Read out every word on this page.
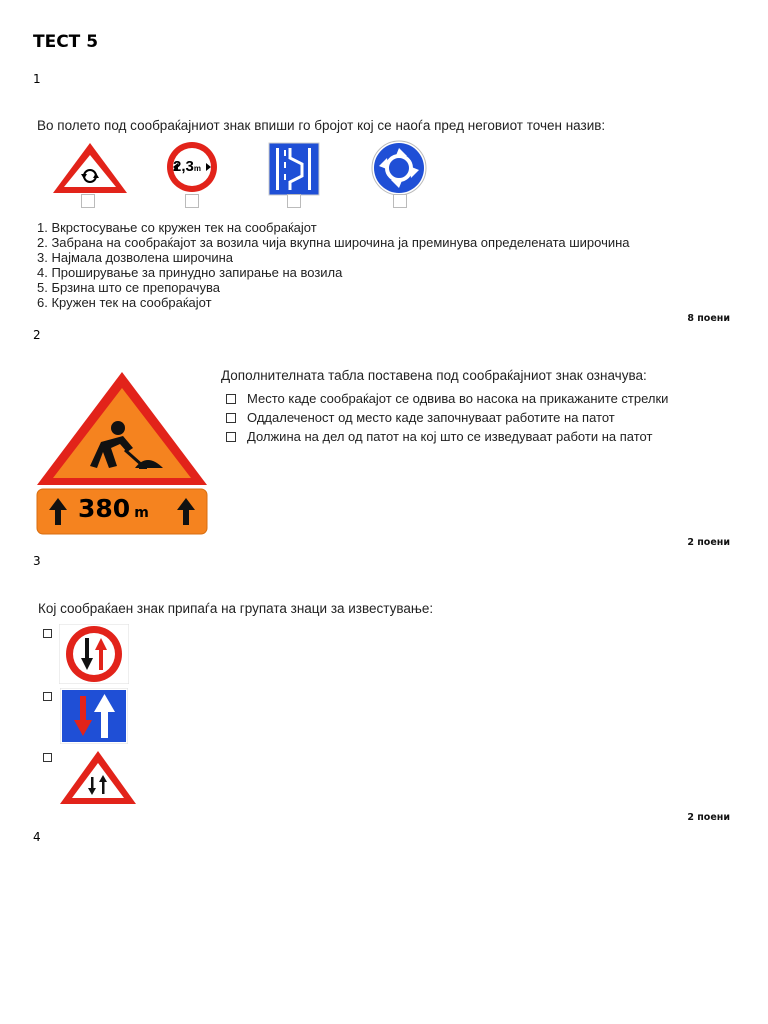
ТЕСТ 5
1
Во полето под сообраќајниот знак впиши го бројот кој се наоѓа пред неговиот точен назив:
2,3m
1. Вкрстосување со кружен тек на сообраќајот
2. Забрана на сообраќајот за возила чија вкупна широчина ја преминува определената широчина
3. Најмала дозволена широчина
4. Проширување за принудно запирање на возила
5. Брзина што се препорачува
6. Кружен тек на сообраќајот
8 поени
2
380 m
Дополнителната табла поставена под сообраќајниот знак означува:
Место каде сообраќајот се одвива во насока на прикажаните стрелки
Оддалеченост од место каде започнуваат работите на патот
Должина на дел од патот на кој што се изведуваат работи на патот
2 поени
3
Кој сообраќаен знак припаѓа на групата знаци за известување:
2 поени
4
